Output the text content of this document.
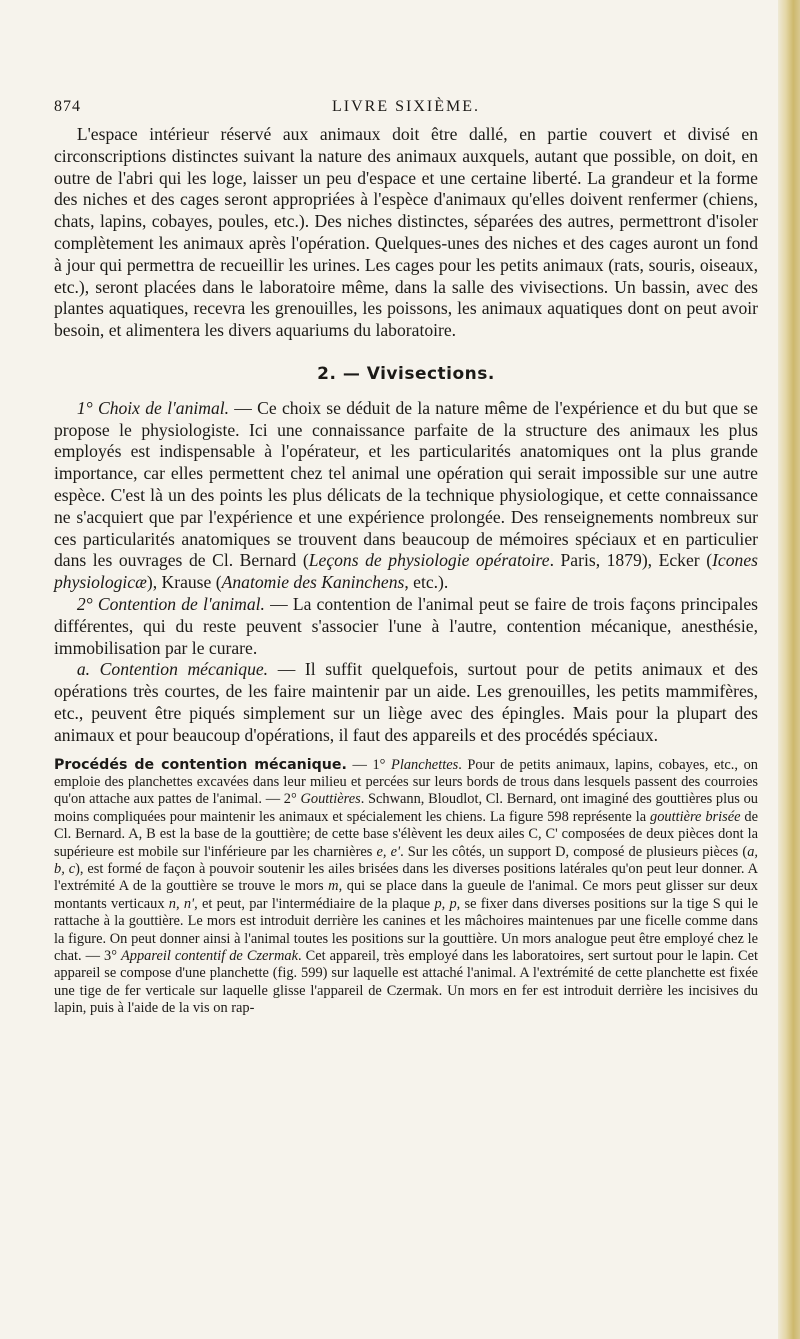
874	LIVRE SIXIÈME.

L'espace intérieur réservé aux animaux doit être dallé, en partie couvert et divisé en circonscriptions distinctes suivant la nature des animaux auxquels, autant que possible, on doit, en outre de l'abri qui les loge, laisser un peu d'espace et une certaine liberté. La grandeur et la forme des niches et des cages seront appropriées à l'espèce d'animaux qu'elles doivent renfermer (chiens, chats, lapins, cobayes, poules, etc.). Des niches distinctes, séparées des autres, permettront d'isoler complètement les animaux après l'opération. Quelques-unes des niches et des cages auront un fond à jour qui permettra de recueillir les urines. Les cages pour les petits animaux (rats, souris, oiseaux, etc.), seront placées dans le laboratoire même, dans la salle des vivisections. Un bassin, avec des plantes aquatiques, recevra les grenouilles, les poissons, les animaux aquatiques dont on peut avoir besoin, et alimentera les divers aquariums du laboratoire.

2. — Vivisections.

1° Choix de l'animal. — Ce choix se déduit de la nature même de l'expérience et du but que se propose le physiologiste. Ici une connaissance parfaite de la structure des animaux les plus employés est indispensable à l'opérateur, et les particularités anatomiques ont la plus grande importance, car elles permettent chez tel animal une opération qui serait impossible sur une autre espèce. C'est là un des points les plus délicats de la technique physiologique, et cette connaissance ne s'acquiert que par l'expérience et une expérience prolongée. Des renseignements nombreux sur ces particularités anatomiques se trouvent dans beaucoup de mémoires spéciaux et en particulier dans les ouvrages de Cl. Bernard (Leçons de physiologie opératoire. Paris, 1879), Ecker (Icones physiologicæ), Krause (Anatomie des Kaninchens, etc.).

2° Contention de l'animal. — La contention de l'animal peut se faire de trois façons principales différentes, qui du reste peuvent s'associer l'une à l'autre, contention mécanique, anesthésie, immobilisation par le curare.

a. Contention mécanique. — Il suffit quelquefois, surtout pour de petits animaux et des opérations très courtes, de les faire maintenir par un aide. Les grenouilles, les petits mammifères, etc., peuvent être piqués simplement sur un liège avec des épingles. Mais pour la plupart des animaux et pour beaucoup d'opérations, il faut des appareils et des procédés spéciaux.

Procédés de contention mécanique. — 1° Planchettes. Pour de petits animaux, lapins, cobayes, etc., on emploie des planchettes excavées dans leur milieu et percées sur leurs bords de trous dans lesquels passent des courroies qu'on attache aux pattes de l'animal. — 2° Gouttières. Schwann, Bloudlot, Cl. Bernard, ont imaginé des gouttières plus ou moins compliquées pour maintenir les animaux et spécialement les chiens. La figure 598 représente la gouttière brisée de Cl. Bernard. A, B est la base de la gouttière; de cette base s'élèvent les deux ailes C, C' composées de deux pièces dont la supérieure est mobile sur l'inférieure par les charnières e, e'. Sur les côtés, un support D, composé de plusieurs pièces (a, b, c), est formé de façon à pouvoir soutenir les ailes brisées dans les diverses positions latérales qu'on peut leur donner. A l'extrémité A de la gouttière se trouve le mors m, qui se place dans la gueule de l'animal. Ce mors peut glisser sur deux montants verticaux n, n', et peut, par l'intermédiaire de la plaque p, p, se fixer dans diverses positions sur la tige S qui le rattache à la gouttière. Le mors est introduit derrière les canines et les mâchoires maintenues par une ficelle comme dans la figure. On peut donner ainsi à l'animal toutes les positions sur la gouttière. Un mors analogue peut être employé chez le chat. — 3° Appareil contentif de Czermak. Cet appareil, très employé dans les laboratoires, sert surtout pour le lapin. Cet appareil se compose d'une planchette (fig. 599) sur laquelle est attaché l'animal. A l'extrémité de cette planchette est fixée une tige de fer verticale sur laquelle glisse l'appareil de Czermak. Un mors en fer est introduit derrière les incisives du lapin, puis à l'aide de la vis on rap-
